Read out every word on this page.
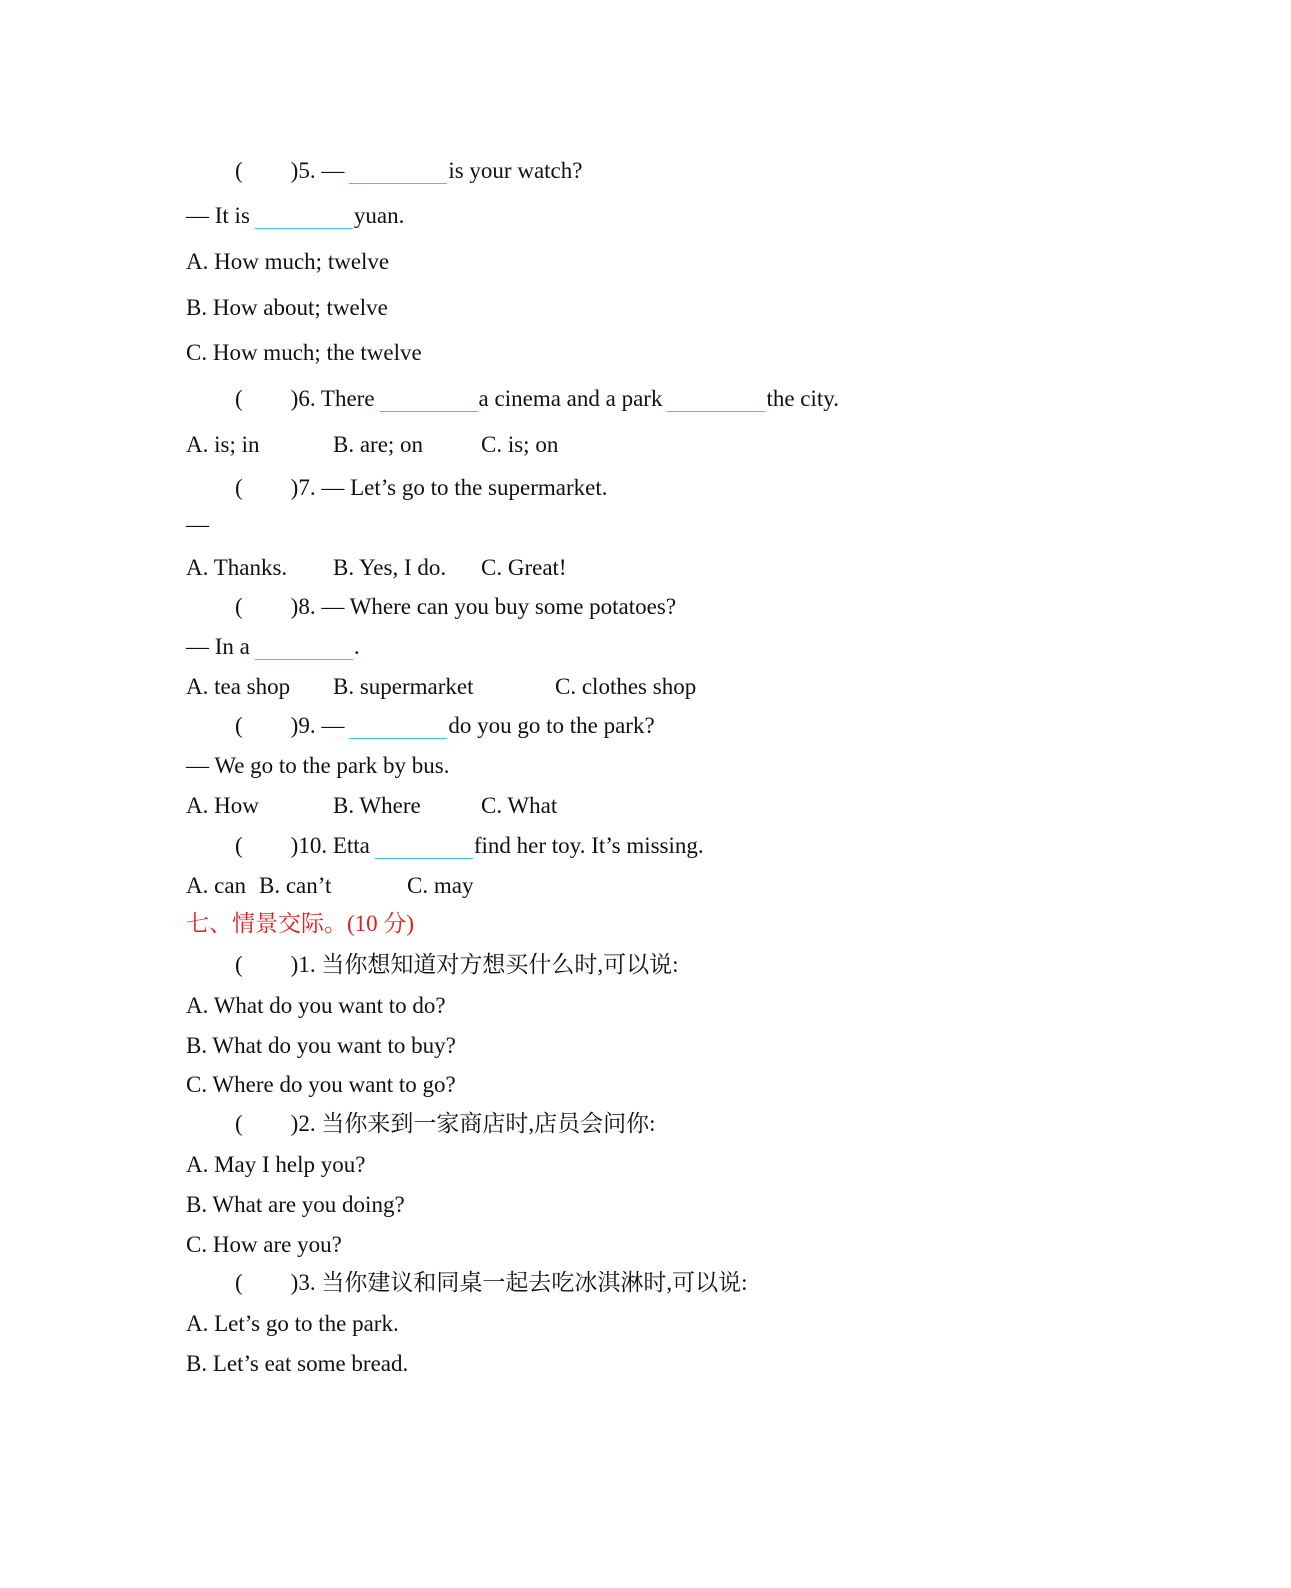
( )5. —	is your watch?
— It is	yuan.
A. How much; twelve
B. How about; twelve
C. How much; the twelve
( )6. There	a cinema and a park	the city.
A. is; in	B. are; on	C. is; on
( )7. — Let’s go to the supermarket.
—
A. Thanks. B. Yes, I do. C. Great!
( )8. — Where can you buy some potatoes?
— In a	.
A. tea shop B. supermarket	C. clothes shop
( )9. —	do you go to the park?
— We go to the park by bus.
A. How	B. Where	C. What
( )10. Etta	find her toy. It’s missing.
A. can B. can’t	C. may
七、情景交际。(10 分)
( )1. 当你想知道对方想买什么时,可以说:
A. What do you want to do?
B. What do you want to buy?
C. Where do you want to go?
( )2. 当你来到一家商店时,店员会问你:
A. May I help you?
B. What are you doing?
C. How are you?
( )3. 当你建议和同桌一起去吃冰淇淋时,可以说:
A. Let’s go to the park.
B. Let’s eat some bread.
